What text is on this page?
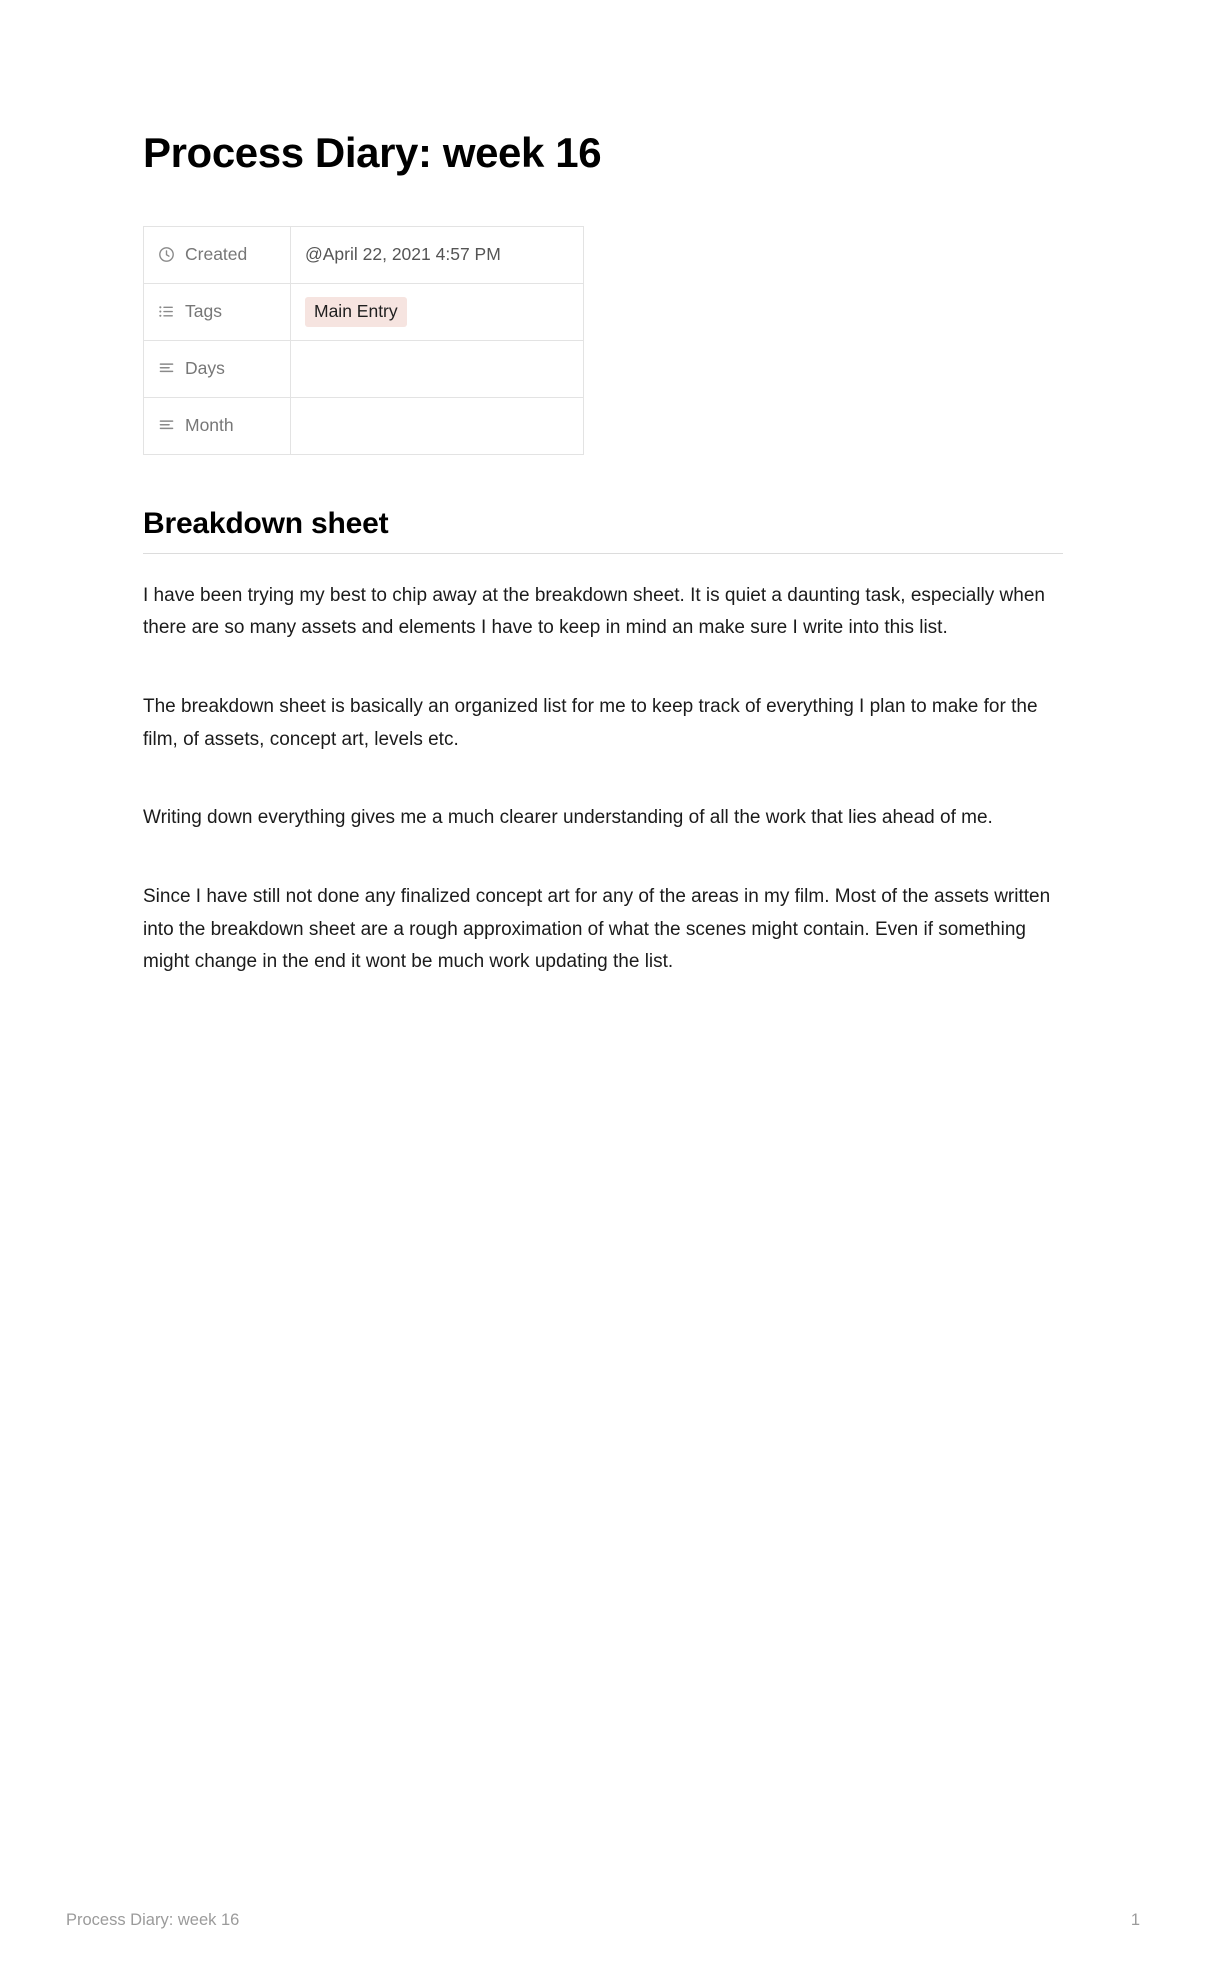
Process Diary: week 16
Created	@April 22, 2021 4:57 PM

Tags	Main Entry

Days	

Month	

Breakdown sheet

I have been trying my best to chip away at the breakdown sheet. It is quiet a daunting task, especially when there are so many assets and elements I have to keep in mind an make sure I write into this list.

The breakdown sheet is basically an organized list for me to keep track of everything I plan to make for the film, of assets, concept art, levels etc.

Writing down everything gives me a much clearer understanding of all the work that lies ahead of me.

Since I have still not done any finalized concept art for any of the areas in my film. Most of the assets written into the breakdown sheet are a rough approximation of what the scenes might contain. Even if something might change in the end it wont be much work updating the list.

Process Diary: week 16	1
